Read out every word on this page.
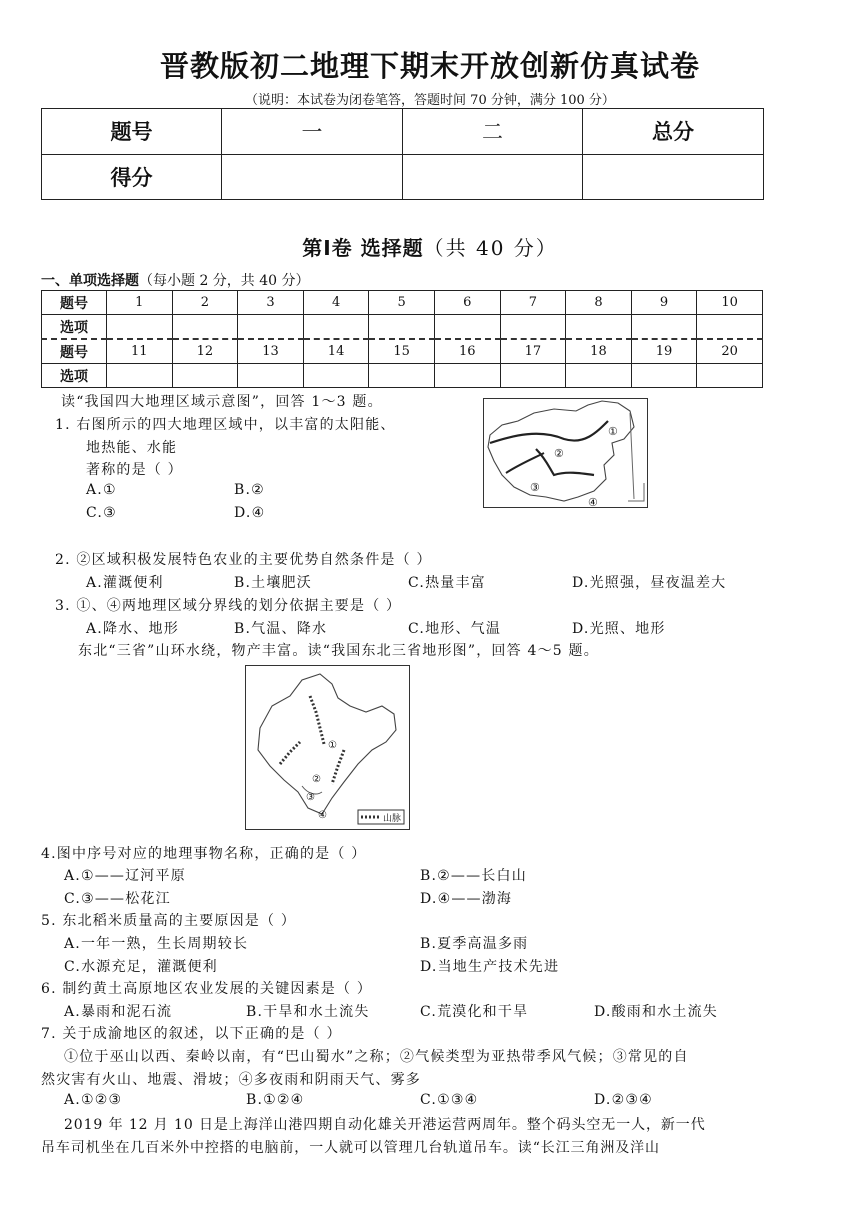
晋教版初二地理下期末开放创新仿真试卷
（说明：本试卷为闭卷笔答，答题时间 70 分钟，满分 100 分）
题号	一	二	总分
得分			
第Ⅰ卷 选择题（共 40 分）
一、单项选择题（每小题 2 分，共 40 分）
题号	1	2	3	4	5	6	7	8	9	10
选项										
题号	11	12	13	14	15	16	17	18	19	20
选项										
①
②
③
④
①
②
③
④	山脉
读“我国四大地理区域示意图”，回答 1～3 题。
1. 右图所示的四大地理区域中，以丰富的太阳能、
地热能、水能
著称的是（ ）
A.①	B.②
C.③	D.④
2. ②区域积极发展特色农业的主要优势自然条件是（ ）
A.灌溉便利	B.土壤肥沃	C.热量丰富	D.光照强，昼夜温差大
3. ①、④两地理区域分界线的划分依据主要是（ ）
A.降水、地形	B.气温、降水	C.地形、气温	D.光照、地形
东北“三省”山环水绕，物产丰富。读“我国东北三省地形图”，回答 4～5 题。
4.图中序号对应的地理事物名称，正确的是（ ）
A.①——辽河平原	B.②——长白山
C.③——松花江	D.④——渤海
5. 东北稻米质量高的主要原因是（ ）
A.一年一熟，生长周期较长	B.夏季高温多雨
C.水源充足，灌溉便利	D.当地生产技术先进
6. 制约黄土高原地区农业发展的关键因素是（ ）
A.暴雨和泥石流	B.干旱和水土流失	C.荒漠化和干旱	D.酸雨和水土流失
7. 关于成渝地区的叙述，以下正确的是（ ）
①位于巫山以西、秦岭以南，有“巴山蜀水”之称；②气候类型为亚热带季风气候；③常见的自
然灾害有火山、地震、滑坡；④多夜雨和阴雨天气、雾多
A.①②③	B.①②④	C.①③④	D.②③④
2019 年 12 月 10 日是上海洋山港四期自动化雄关开港运营两周年。整个码头空无一人，新一代
吊车司机坐在几百米外中控搭的电脑前，一人就可以管理几台轨道吊车。读“长江三角洲及洋山
